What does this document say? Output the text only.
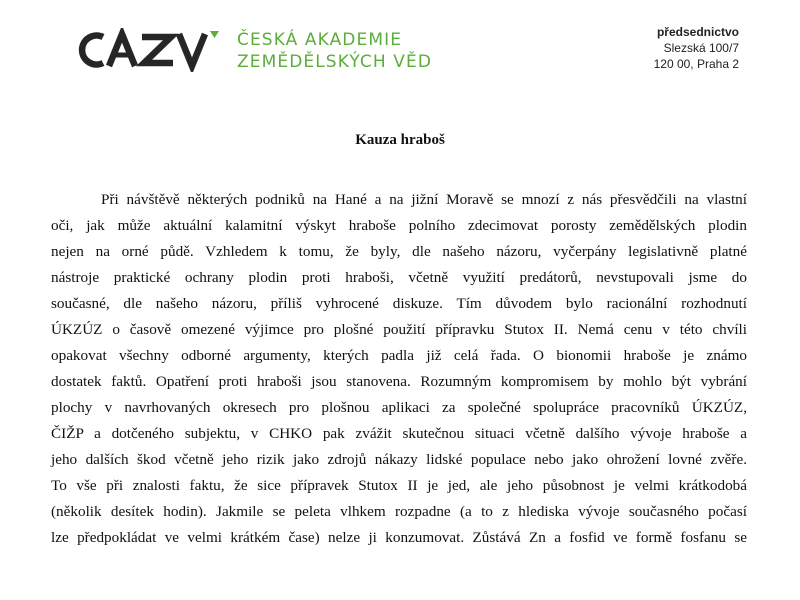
ČESKÁ AKADEMIE
ZEMĚDĚLSKÝCH VĚD
předsednictvo
Slezská 100/7
120 00, Praha 2
Kauza hraboš
Při návštěvě některých podniků na Hané a na jižní Moravě se mnozí z nás přesvědčili na vlastní
oči, jak může aktuální kalamitní výskyt hraboše polního zdecimovat porosty zemědělských plodin
nejen na orné půdě. Vzhledem k tomu, že byly, dle našeho názoru, vyčerpány legislativně platné
nástroje praktické ochrany plodin proti hraboši, včetně využití predátorů, nevstupovali jsme do
současné, dle našeho názoru, příliš vyhrocené diskuze. Tím důvodem bylo racionální rozhodnutí
ÚKZÚZ o časově omezené výjimce pro plošné použití přípravku Stutox II. Nemá cenu v této chvíli
opakovat všechny odborné argumenty, kterých padla již celá řada. O bionomii hraboše je známo
dostatek faktů. Opatření proti hraboši jsou stanovena. Rozumným kompromisem by mohlo být vybrání
plochy v navrhovaných okresech pro plošnou aplikaci za společné spolupráce pracovníků ÚKZÚZ,
ČIŽP a dotčeného subjektu, v CHKO pak zvážit skutečnou situaci včetně dalšího vývoje hraboše a
jeho dalších škod včetně jeho rizik jako zdrojů nákazy lidské populace nebo jako ohrožení lovné zvěře.
To vše při znalosti faktu, že sice přípravek Stutox II je jed, ale jeho působnost je velmi krátkodobá
(několik desítek hodin). Jakmile se peleta vlhkem rozpadne (a to z hlediska vývoje současného počasí
lze předpokládat ve velmi krátkém čase) nelze ji konzumovat. Zůstává Zn a fosfid ve formě fosfanu se
